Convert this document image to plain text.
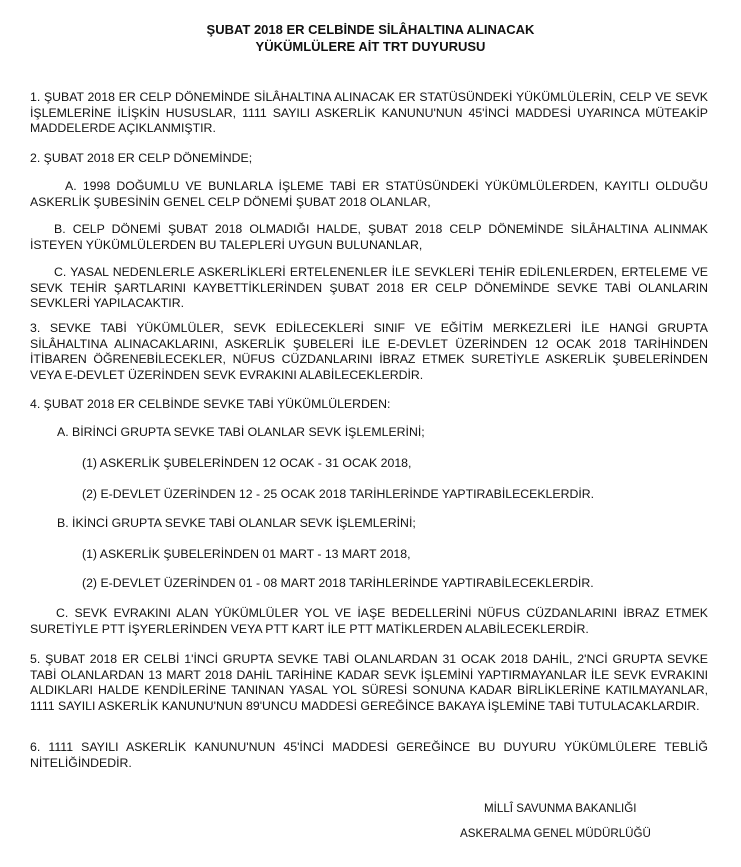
ŞUBAT 2018 ER CELBİNDE SİLÂHALTINA ALINACAK
YÜKÜMLÜLERE AİT TRT DUYURUSU
1. ŞUBAT 2018 ER CELP DÖNEMİNDE SİLÂHALTINA ALINACAK ER STATÜSÜNDEKİ YÜKÜMLÜLERİN, CELP VE SEVK İŞLEMLERİNE İLİŞKİN HUSUSLAR, 1111 SAYILI ASKERLİK KANUNU'NUN 45'İNCİ MADDESİ UYARINCA MÜTEAKİP MADDELERDE AÇIKLANMIŞTIR.
2. ŞUBAT 2018 ER CELP DÖNEMİNDE;
A. 1998 DOĞUMLU VE BUNLARLA İŞLEME TABİ ER STATÜSÜNDEKİ YÜKÜMLÜLERDEN, KAYITLI OLDUĞU ASKERLİK ŞUBESİNİN GENEL CELP DÖNEMİ ŞUBAT 2018 OLANLAR,
B. CELP DÖNEMİ ŞUBAT 2018 OLMADIĞI HALDE, ŞUBAT 2018 CELP DÖNEMİNDE SİLÂHALTINA ALINMAK İSTEYEN YÜKÜMLÜLERDEN BU TALEPLERİ UYGUN BULUNANLAR,
C. YASAL NEDENLERLE ASKERLİKLERİ ERTELENENLER İLE SEVKLERİ TEHİR EDİLENLERDEN, ERTELEME VE SEVK TEHİR ŞARTLARINI KAYBETTİKLERİNDEN ŞUBAT 2018 ER CELP DÖNEMİNDE SEVKE TABİ OLANLARIN SEVKLERİ YAPILACAKTIR.
3. SEVKE TABİ YÜKÜMLÜLER, SEVK EDİLECEKLERİ SINIF VE EĞİTİM MERKEZLERİ İLE HANGİ GRUPTA SİLÂHALTINA ALINACAKLARINI, ASKERLİK ŞUBELERİ İLE E-DEVLET ÜZERİNDEN 12 OCAK 2018 TARİHİNDEN İTİBAREN ÖĞRENEBİLECEKLER, NÜFUS CÜZDANLARINI İBRAZ ETMEK SURETİYLE ASKERLİK ŞUBELERİNDEN VEYA E-DEVLET ÜZERİNDEN SEVK EVRAKINI ALABİLECEKLERDİR.
4. ŞUBAT 2018 ER CELBİNDE SEVKE TABİ YÜKÜMLÜLERDEN:
A. BİRİNCİ GRUPTA SEVKE TABİ OLANLAR SEVK İŞLEMLERİNİ;
(1) ASKERLİK ŞUBELERİNDEN 12 OCAK - 31 OCAK 2018,
(2) E-DEVLET ÜZERİNDEN 12 - 25 OCAK 2018 TARİHLERİNDE YAPTIRABİLECEKLERDİR.
B. İKİNCİ GRUPTA SEVKE TABİ OLANLAR SEVK İŞLEMLERİNİ;
(1) ASKERLİK ŞUBELERİNDEN 01 MART - 13 MART 2018,
(2) E-DEVLET ÜZERİNDEN 01 - 08 MART 2018 TARİHLERİNDE YAPTIRABİLECEKLERDİR.
C. SEVK EVRAKINI ALAN YÜKÜMLÜLER YOL VE İAŞE BEDELLERİNİ NÜFUS CÜZDANLARINI İBRAZ ETMEK SURETİYLE PTT İŞYERLERİNDEN VEYA PTT KART İLE PTT MATİKLERDEN ALABİLECEKLERDİR.
5. ŞUBAT 2018 ER CELBİ 1'İNCİ GRUPTA SEVKE TABİ OLANLARDAN 31 OCAK 2018 DAHİL, 2'NCİ GRUPTA SEVKE TABİ OLANLARDAN 13 MART 2018 DAHİL TARİHİNE KADAR SEVK İŞLEMİNİ YAPTIRMAYANLAR İLE SEVK EVRAKINI ALDIKLARI HALDE KENDİLERİNE TANINAN YASAL YOL SÜRESİ SONUNA KADAR BİRLİKLERİNE KATILMAYANLAR, 1111 SAYILI ASKERLİK KANUNU'NUN 89'UNCU MADDESİ GEREĞİNCE BAKAYA İŞLEMİNE TABİ TUTULACAKLARDIR.
6. 1111 SAYILI ASKERLİK KANUNU'NUN 45'İNCİ MADDESİ GEREĞİNCE BU DUYURU YÜKÜMLÜLERE TEBLİĞ NİTELİĞİNDEDİR.
MİLLÎ SAVUNMA BAKANLIĞI
ASKERALMA GENEL MÜDÜRLÜĞÜ
